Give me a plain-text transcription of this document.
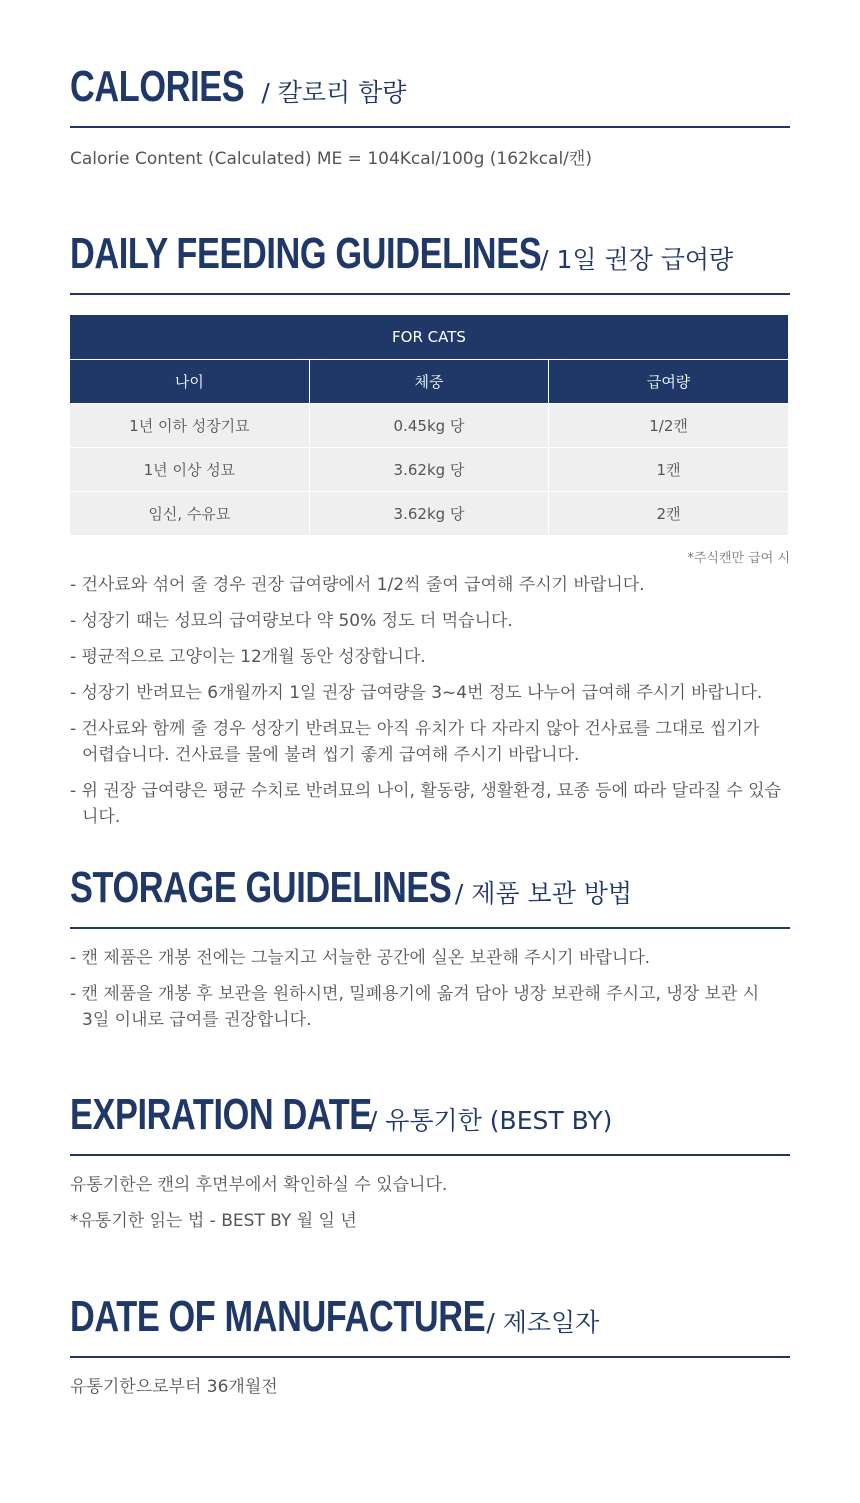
CALORIES / 칼로리 함량

Calorie Content (Calculated) ME = 104Kcal/100g (162kcal/캔)

DAILY FEEDING GUIDELINES
/ 1일 권장 급여량
FOR CATS		
나이	체중	급여량
1년 이하 성장기묘	0.45kg 당	1/2캔
1년 이상 성묘	3.62kg 당	1캔
임신, 수유묘	3.62kg 당	2캔

*주식캔만 급여 시

- 건사료와 섞어 줄 경우 권장 급여량에서 1/2씩 줄여 급여해 주시기 바랍니다.
- 성장기 때는 성묘의 급여량보다 약 50% 정도 더 먹습니다.
- 평균적으로 고양이는 12개월 동안 성장합니다.
- 성장기 반려묘는 6개월까지 1일 권장 급여량을 3~4번 정도 나누어 급여해 주시기 바랍니다.
- 건사료와 함께 줄 경우 성장기 반려묘는 아직 유치가 다 자라지 않아 건사료를 그대로 씹기가
어렵습니다. 건사료를 물에 불려 씹기 좋게 급여해 주시기 바랍니다.
- 위 권장 급여량은 평균 수치로 반려묘의 나이, 활동량, 생활환경, 묘종 등에 따라 달라질 수 있습니다.
STORAGE GUIDELINES / 제품 보관 방법
- 캔 제품은 개봉 전에는 그늘지고 서늘한 공간에 실온 보관해 주시기 바랍니다.
- 캔 제품을 개봉 후 보관을 원하시면, 밀폐용기에 옮겨 담아 냉장 보관해 주시고, 냉장 보관 시
3일 이내로 급여를 권장합니다.
EXPIRATION DATE
/ 유통기한 (BEST BY)

유통기한은 캔의 후면부에서 확인하실 수 있습니다.

*유통기한 읽는 법 - BEST BY 월 일 년

DATE OF MANUFACTURE / 제조일자

유통기한으로부터 36개월전
